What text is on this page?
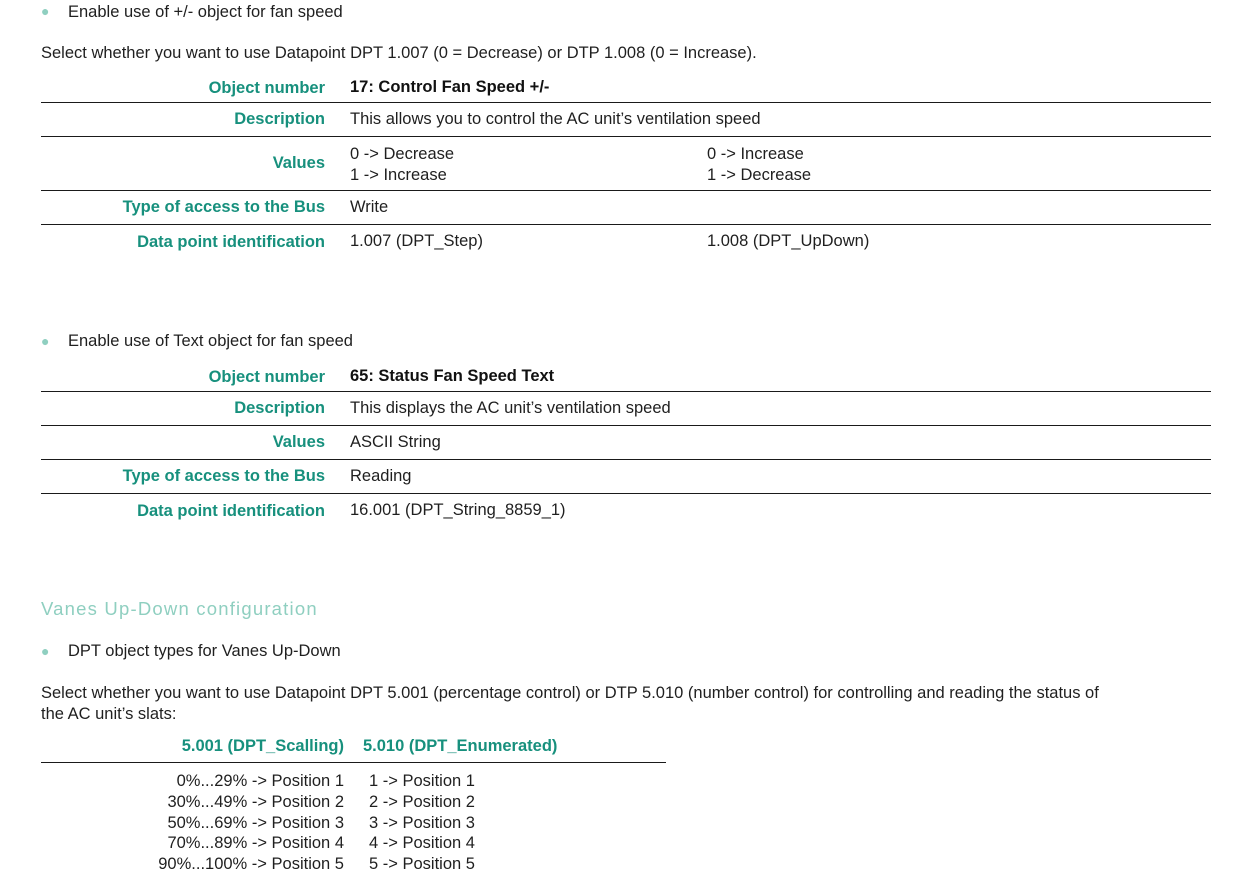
● Enable use of +/- object for fan speed
Select whether you want to use Datapoint DPT 1.007 (0 = Decrease) or DTP 1.008 (0 = Increase).
Object number 17: Control Fan Speed +/-
Description This allows you to control the AC unit’s ventilation speed
Values 0 -> Decrease
1 -> Increase
0 -> Increase
1 -> Decrease
Type of access to the Bus Write
Data point identification 1.007 (DPT_Step)	1.008 (DPT_UpDown)
● Enable use of Text object for fan speed
Object number 65: Status Fan Speed Text
Description This displays the AC unit’s ventilation speed
Values ASCII String
Type of access to the Bus Reading
Data point identification 16.001 (DPT_String_8859_1)
Vanes Up-Down configuration
● DPT object types for Vanes Up-Down
Select whether you want to use Datapoint DPT 5.001 (percentage control) or DTP 5.010 (number control) for controlling and reading the status of
the AC unit’s slats:
5.001 (DPT_Scalling) 5.010 (DPT_Enumerated)
0%...29% -> Position 1
30%...49% -> Position 2
50%...69% -> Position 3
70%...89% -> Position 4
90%...100% -> Position 5
1 -> Position 1
2 -> Position 2
3 -> Position 3
4 -> Position 4
5 -> Position 5
